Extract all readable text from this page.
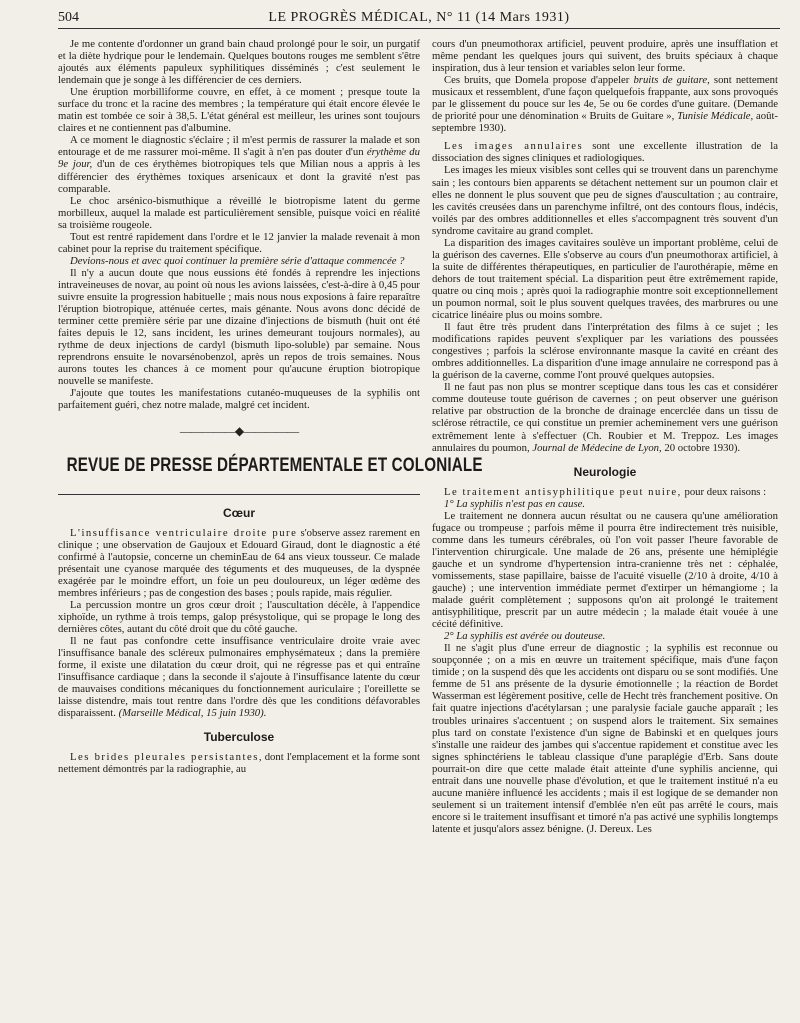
504	LE PROGRÈS MÉDICAL, N° 11 (14 Mars 1931)

Je me contente d'ordonner un grand bain chaud prolongé pour le soir, un purgatif et la diète hydrique pour le lendemain. Quelques boutons rouges me semblent s'être ajoutés aux éléments papuleux syphilitiques disséminés ; c'est seulement le lendemain que je songe à les différencier de ces derniers.

Une éruption morbilliforme couvre, en effet, à ce moment ; presque toute la surface du tronc et la racine des membres ; la température qui était encore élevée le matin est tombée ce soir à 38,5. L'état général est meilleur, les urines sont toujours claires et ne contiennent pas d'albumine.

A ce moment le diagnostic s'éclaire ; il m'est permis de rassurer la malade et son entourage et de me rassurer moi-même. Il s'agit à n'en pas douter d'un érythème du 9e jour, d'un de ces érythèmes biotropiques tels que Milian nous a appris à les différencier des érythèmes toxiques arsenicaux et dont la gravité n'est pas comparable.

Le choc arsénico-bismuthique a réveillé le biotropisme latent du germe morbilleux, auquel la malade est particulièrement sensible, puisque voici en réalité sa troisième rougeole.

Tout est rentré rapidement dans l'ordre et le 12 janvier la malade revenait à mon cabinet pour la reprise du traitement spécifique.

Devions-nous et avec quoi continuer la première série d'attaque commencée ?

Il n'y a aucun doute que nous eussions été fondés à reprendre les injections intraveineuses de novar, au point où nous les avions laissées, c'est-à-dire à 0,45 pour suivre ensuite la progression habituelle ; mais nous nous exposions à faire reparaître l'éruption biotropique, atténuée certes, mais génante. Nous avons donc décidé de terminer cette première série par une dizaine d'injections de bismuth (huit ont été faites depuis le 12, sans incident, les urines demeurant toujours normales), au rythme de deux injections de cardyl (bismuth lipo-soluble) par semaine. Nous reprendrons ensuite le novarsénobenzol, après un repos de trois semaines. Nous aurons toutes les chances à ce moment pour qu'aucune éruption biotropique nouvelle se manifeste.

J'ajoute que toutes les manifestations cutanéo-muqueuses de la syphilis ont parfaitement guéri, chez notre malade, malgré cet incident.

—————◆—————
REVUE DE PRESSE DÉPARTEMENTALE ET COLONIALE
Cœur

L'insuffisance ventriculaire droite pure s'observe assez rarement en clinique ; une observation de Gaujoux et Edouard Giraud, dont le diagnostic a été confirmé à l'autopsie, concerne un cheminEau de 64 ans vieux tousseur. Ce malade présentait une cyanose marquée des téguments et des muqueuses, de la dyspnée exagérée par le moindre effort, un foie un peu douloureux, un léger œdème des membres inférieurs ; pas de congestion des bases ; pouls rapide, mais régulier.

La percussion montre un gros cœur droit ; l'auscultation décèle, à l'appendice xiphoïde, un rythme à trois temps, galop présystolique, qui se propage le long des dernières côtes, autant du côté droit que du côté gauche.

Il ne faut pas confondre cette insuffisance ventriculaire droite vraie avec l'insuffisance banale des scléreux pulmonaires emphysémateux ; dans la première forme, il existe une dilatation du cœur droit, qui ne régresse pas et qui entraîne l'insuffisance cardiaque ; dans la seconde il s'ajoute à l'insuffisance latente du cœur de mauvaises conditions mécaniques du fonctionnement auriculaire ; l'oreillette se laisse distendre, mais tout rentre dans l'ordre dès que les conditions défavorables disparaissent. (Marseille Médical, 15 juin 1930).

Tuberculose

Les brides pleurales persistantes, dont l'emplacement et la forme sont nettement démontrés par la radiographie, au

cours d'un pneumothorax artificiel, peuvent produire, après une insufflation et même pendant les quelques jours qui suivent, des bruits spéciaux à chaque inspiration, dus à leur tension et variables selon leur forme.

Ces bruits, que Domela propose d'appeler bruits de guitare, sont nettement musicaux et ressemblent, d'une façon quelquefois frappante, aux sons provoqués par le glissement du pouce sur les 4e, 5e ou 6e cordes d'une guitare. (Demande de priorité pour une dénomination « Bruits de Guitare », Tunisie Médicale, août-septembre 1930).

Les images annulaires sont une excellente illustration de la dissociation des signes cliniques et radiologiques.

Les images les mieux visibles sont celles qui se trouvent dans un parenchyme sain ; les contours bien apparents se détachent nettement sur un poumon clair et elles ne donnent le plus souvent que peu de signes d'auscultation ; au contraire, les cavités creusées dans un parenchyme infiltré, ont des contours flous, indécis, voilés par des ombres additionnelles et elles s'accompagnent très souvent d'un syndrome cavitaire au grand complet.

La disparition des images cavitaires soulève un important problème, celui de la guérison des cavernes. Elle s'observe au cours d'un pneumothorax artificiel, à la suite de différentes thérapeutiques, en particulier de l'aurothérapie, même en dehors de tout traitement spécial. La disparition peut être extrêmement rapide, quatre ou cinq mois ; après quoi la radiographie montre soit exceptionnellement un poumon normal, soit le plus souvent quelques travées, des marbrures ou une cicatrice linéaire plus ou moins sombre.

Il faut être très prudent dans l'interprétation des films à ce sujet ; les modifications rapides peuvent s'expliquer par les variations des poussées congestives ; parfois la sclérose environnante masque la cavité en créant des ombres additionnelles. La disparition d'une image annulaire ne correspond pas à la guérison de la caverne, comme l'ont prouvé quelques autopsies.

Il ne faut pas non plus se montrer sceptique dans tous les cas et considérer comme douteuse toute guérison de cavernes ; on peut observer une guérison relative par obstruction de la bronche de drainage encerclée dans un tissu de sclérose rétractile, ce qui constitue un premier acheminement vers une guérison extrêmement lente à s'effectuer (Ch. Roubier et M. Treppoz. Les images annulaires du poumon, Journal de Médecine de Lyon, 20 octobre 1930).

Neurologie

Le traitement antisyphilitique peut nuire, pour deux raisons :

1° La syphilis n'est pas en cause.

Le traitement ne donnera aucun résultat ou ne causera qu'une amélioration fugace ou trompeuse ; parfois même il pourra être indirectement très nuisible, comme dans les tumeurs cérébrales, où l'on voit passer l'heure favorable de l'intervention chirurgicale. Une malade de 26 ans, présente une hémiplégie gauche et un syndrome d'hypertension intra-cranienne très net : céphalée, vomissements, stase papillaire, baisse de l'acuité visuelle (2/10 à droite, 4/10 à gauche) ; une intervention immédiate permet d'extirper un hémangiome ; la malade guérit complètement ; supposons qu'on ait prolongé le traitement antisyphilitique, prescrit par un autre médecin ; la malade était vouée à une cécité définitive.

2° La syphilis est avérée ou douteuse.

Il ne s'agit plus d'une erreur de diagnostic ; la syphilis est reconnue ou soupçonnée ; on a mis en œuvre un traitement spécifique, mais d'une façon timide ; on la suspend dès que les accidents ont disparu ou se sont modifiés. Une femme de 51 ans présente de la dysurie émotionnelle ; la réaction de Bordet Wasserman est légèrement positive, celle de Hecht très franchement positive. On fait quatre injections d'acétylarsan ; une paralysie faciale gauche apparaît ; les troubles urinaires s'accentuent ; on suspend alors le traitement. Six semaines plus tard on constate l'existence d'un signe de Babinski et en quelques jours s'installe une raideur des jambes qui s'accentue rapidement et constitue avec les signes sphinctériens le tableau classique d'une paraplégie d'Erb. Sans doute pourrait-on dire que cette malade était atteinte d'une syphilis ancienne, qui entrait dans une nouvelle phase d'évolution, et que le traitement institué n'a eu aucune manière influencé les accidents ; mais il est logique de se demander non seulement si un traitement intensif d'emblée n'en eût pas arrêté le cours, mais encore si le traitement insuffisant et timoré n'a pas activé une syphilis longtemps latente et jusqu'alors assez bénigne. (J. Dereux. Les
